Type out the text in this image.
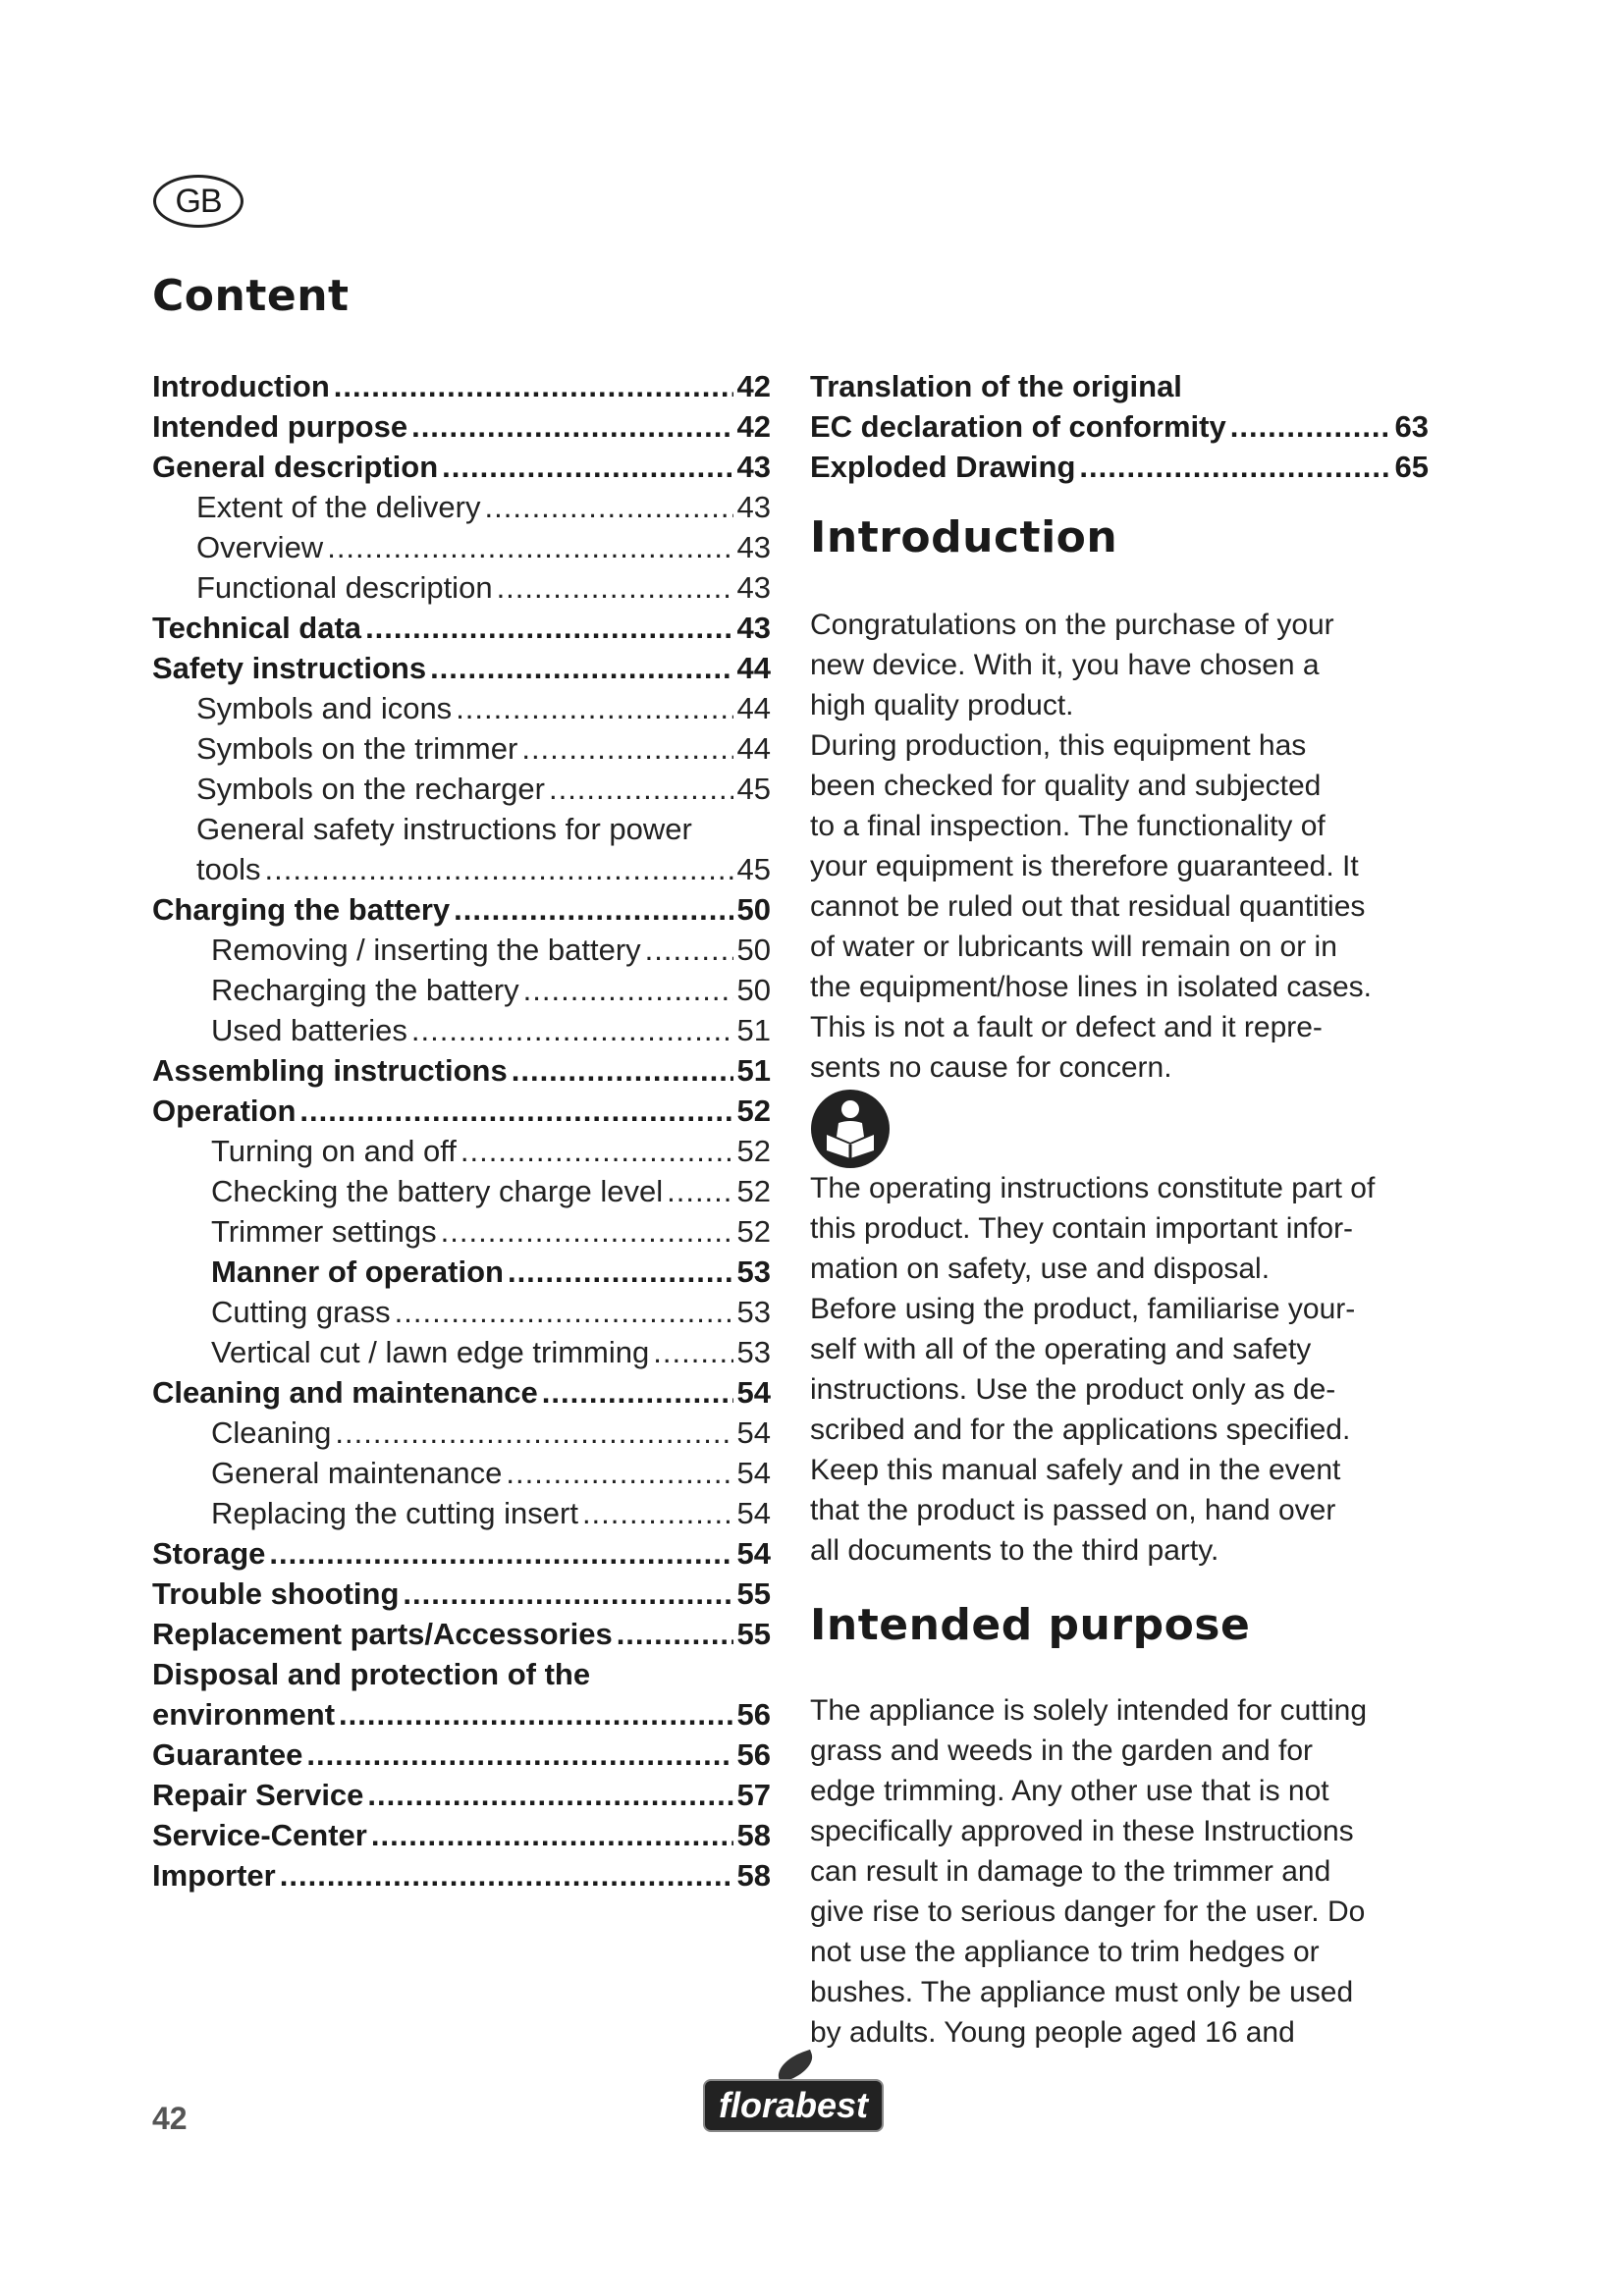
GB
Content
Introduction .....	42
Intended purpose .....	42
General description .....	43
Extent of the delivery .....	43
Overview .....	43
Functional description .....	43
Technical data .....	43
Safety instructions .....	44
Symbols and icons .....	44
Symbols on the trimmer .....	44
Symbols on the recharger .....	45
General safety instructions for power
tools .....	45
Charging the battery .....	50
Removing / inserting the battery .....	50
Recharging the battery .....	50
Used batteries .....	51
Assembling instructions .....	51
Operation .....	52
Turning on and off .....	52
Checking the battery charge level ..... 52
Trimmer settings .....	52
Manner of operation .....	53
Cutting grass .....	53
Vertical cut / lawn edge trimming .....	53
Cleaning and maintenance .....	54
Cleaning .....	54
General maintenance .....	54
Replacing the cutting insert .....	54
Storage .....	54
Trouble shooting .....	55
Replacement parts/Accessories .....	55
Disposal and protection of the
environment .....	56
Guarantee .....	56
Repair Service .....	57
Service-Center .....	58
Importer .....	58
Translation of the original
EC declaration of conformity .....	63
Exploded Drawing .....	65
Introduction
Congratulations on the purchase of your
new device. With it, you have chosen a
high quality product.
During production, this equipment has
been checked for quality and subjected
to a final inspection. The functionality of
your equipment is therefore guaranteed. It
cannot be ruled out that residual quantities
of water or lubricants will remain on or in
the equipment/hose lines in isolated cases.
This is not a fault or defect and it repre-
sents no cause for concern.
The operating instructions constitute part of
this product. They contain important infor-
mation on safety, use and disposal.
Before using the product, familiarise your-
self with all of the operating and safety
instructions. Use the product only as de-
scribed and for the applications specified.
Keep this manual safely and in the event
that the product is passed on, hand over
all documents to the third party.
Intended purpose
The appliance is solely intended for cutting
grass and weeds in the garden and for
edge trimming. Any other use that is not
specifically approved in these Instructions
can result in damage to the trimmer and
give rise to serious danger for the user. Do
not use the appliance to trim hedges or
bushes. The appliance must only be used
by adults. Young people aged 16 and
42	florabest
